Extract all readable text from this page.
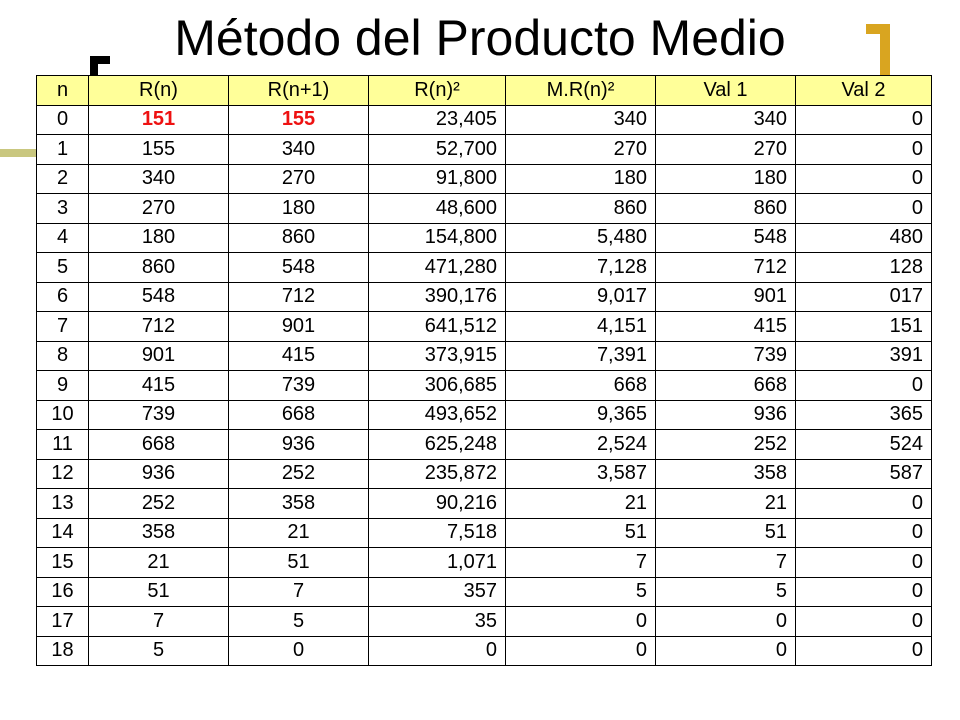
Método del Producto Medio
n	R(n)	R(n+1)	R(n)²	M.R(n)²	Val 1	Val 2
0	151	155	23,405	340	340	0
1	155	340	52,700	270	270	0
2	340	270	91,800	180	180	0
3	270	180	48,600	860	860	0
4	180	860	154,800	5,480	548	480
5	860	548	471,280	7,128	712	128
6	548	712	390,176	9,017	901	017
7	712	901	641,512	4,151	415	151
8	901	415	373,915	7,391	739	391
9	415	739	306,685	668	668	0
10	739	668	493,652	9,365	936	365
11	668	936	625,248	2,524	252	524
12	936	252	235,872	3,587	358	587
13	252	358	90,216	21	21	0
14	358	21	7,518	51	51	0
15	21	51	1,071	7	7	0
16	51	7	357	5	5	0
17	7	5	35	0	0	0
18	5	0	0	0	0	0
